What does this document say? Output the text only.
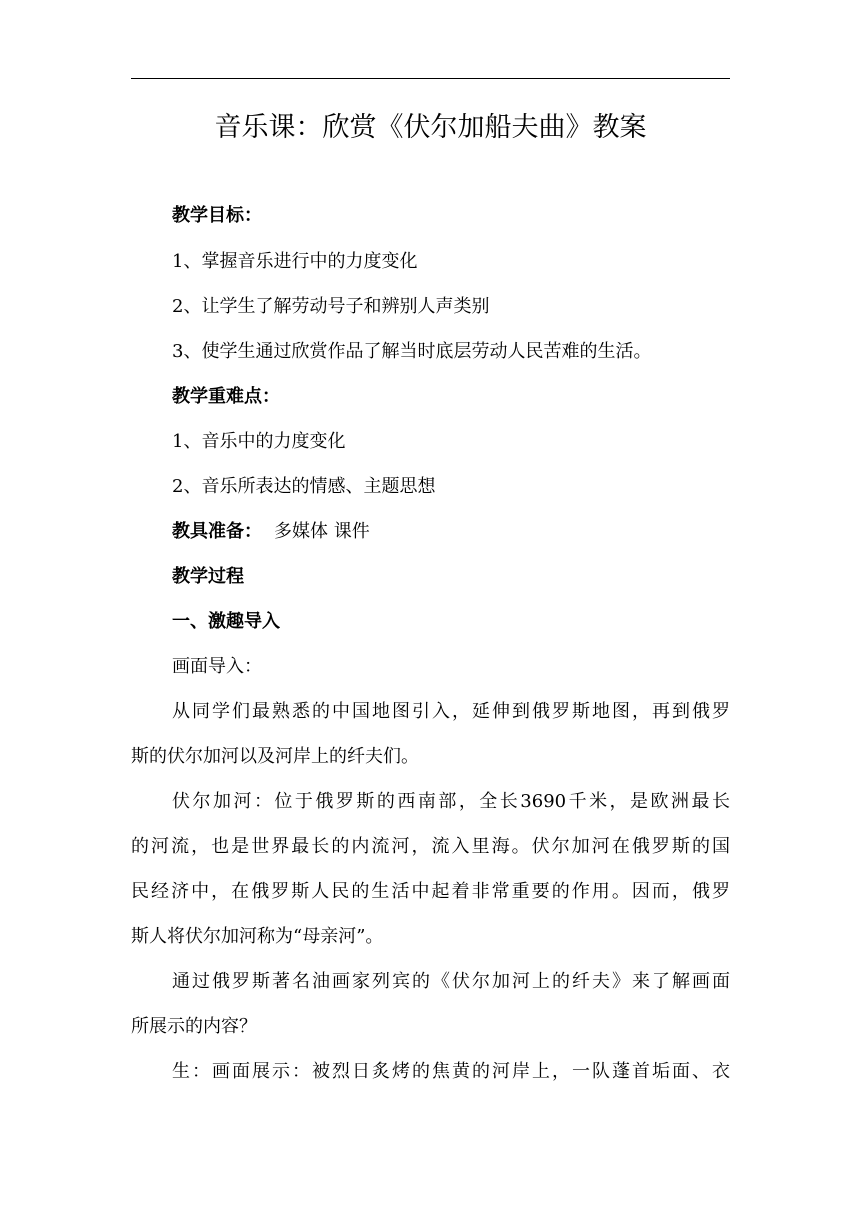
音乐课：欣赏《伏尔加船夫曲》教案
教学目标：
1、掌握音乐进行中的力度变化
2、让学生了解劳动号子和辨别人声类别
3、使学生通过欣赏作品了解当时底层劳动人民苦难的生活。
教学重难点：
1、音乐中的力度变化
2、音乐所表达的情感、主题思想
教具准备： 多媒体 课件
教学过程
一、激趣导入
画面导入：
从同学们最熟悉的中国地图引入，延伸到俄罗斯地图，再到俄罗
斯的伏尔加河以及河岸上的纤夫们。
伏尔加河：位于俄罗斯的西南部，全长3690千米，是欧洲最长
的河流，也是世界最长的内流河，流入里海。伏尔加河在俄罗斯的国
民经济中，在俄罗斯人民的生活中起着非常重要的作用。因而，俄罗
斯人将伏尔加河称为“母亲河”。
通过俄罗斯著名油画家列宾的《伏尔加河上的纤夫》来了解画面
所展示的内容？
生：画面展示：被烈日炙烤的焦黄的河岸上，一队蓬首垢面、衣
